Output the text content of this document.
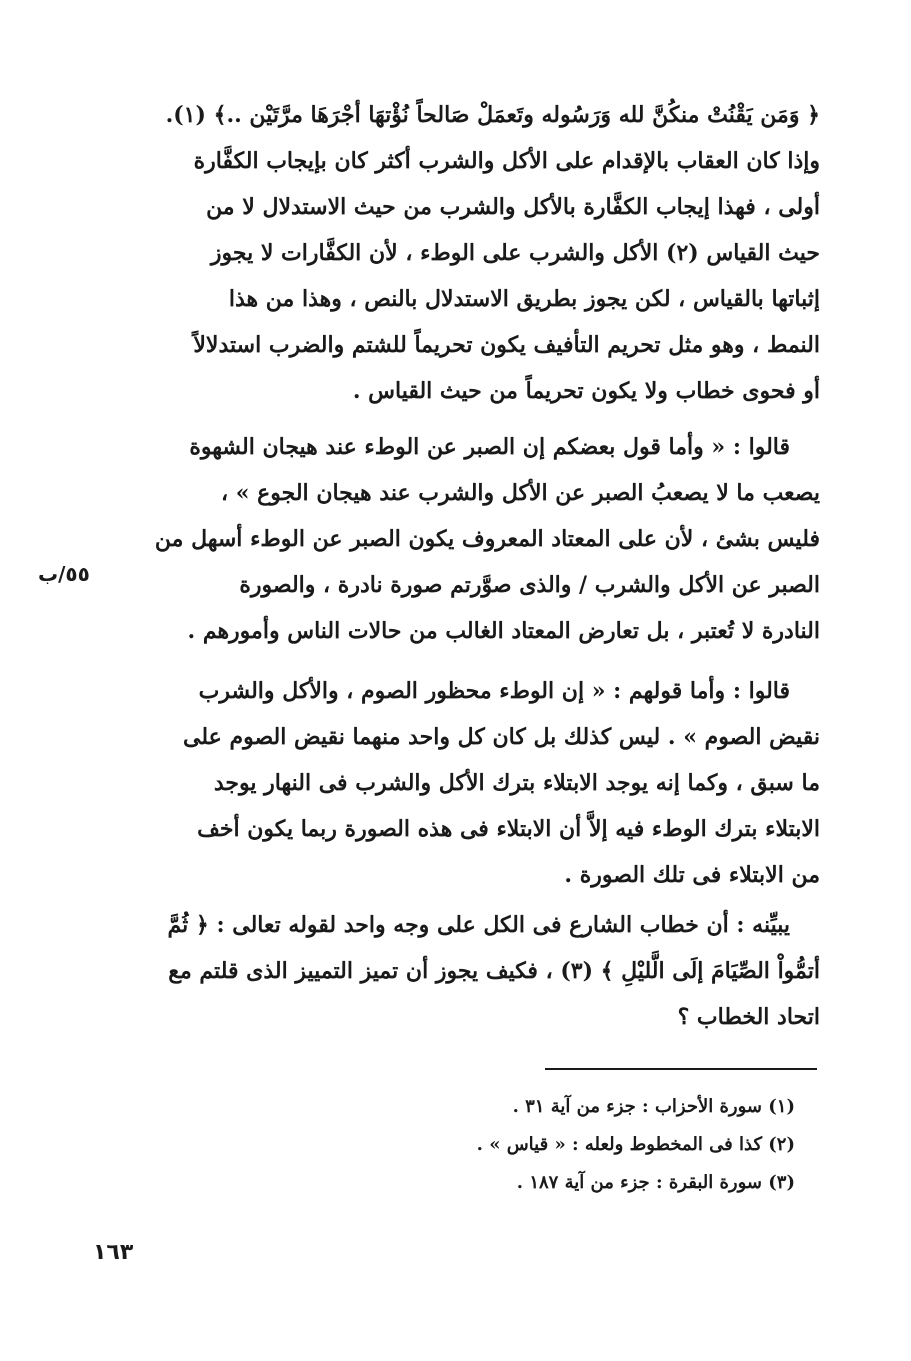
﴿ وَمَن يَقْنُتْ منكُنَّ لله وَرَسُوله وتَعمَلْ صَالحاً نُؤْتهَا أجْرَهَا مرَّتَيْن ..﴾ (١).

وإذا كان العقاب بالإقدام على الأكل والشرب أكثر كان بإيجاب الكفَّارة

أولى ، فهذا إيجاب الكفَّارة بالأكل والشرب من حيث الاستدلال لا من

حيث القياس (٢) الأكل والشرب على الوطء ، لأن الكفَّارات لا يجوز

إثباتها بالقياس ، لكن يجوز بطريق الاستدلال بالنص ، وهذا من هذا

النمط ، وهو مثل تحريم التأفيف يكون تحريماً للشتم والضرب استدلالاً

أو فحوى خطاب ولا يكون تحريماً من حيث القياس .

قالوا : « وأما قول بعضكم إن الصبر عن الوطء عند هيجان الشهوة

يصعب ما لا يصعبُ الصبر عن الأكل والشرب عند هيجان الجوع » ،

فليس بشئ ، لأن على المعتاد المعروف يكون الصبر عن الوطء أسهل من

الصبر عن الأكل والشرب / والذى صوَّرتم صورة نادرة ، والصورة

النادرة لا تُعتبر ، بل تعارض المعتاد الغالب من حالات الناس وأمورهم .

٥٥/ب

قالوا : وأما قولهم : « إن الوطء محظور الصوم ، والأكل والشرب

نقيض الصوم » . ليس كذلك بل كان كل واحد منهما نقيض الصوم على

ما سبق ، وكما إنه يوجد الابتلاء بترك الأكل والشرب فى النهار يوجد

الابتلاء بترك الوطء فيه إلاَّ أن الابتلاء فى هذه الصورة ربما يكون أخف

من الابتلاء فى تلك الصورة .

يبيِّنه : أن خطاب الشارع فى الكل على وجه واحد لقوله تعالى : ﴿ ثُمَّ

أتمُّواْ الصِّيَامَ إلَى الَّليْلِ ﴾ (٣) ، فكيف يجوز أن تميز التمييز الذى قلتم مع

اتحاد الخطاب ؟

(١) سورة الأحزاب : جزء من آية ٣١ .
(٢) كذا فى المخطوط ولعله : « قياس » .
(٣) سورة البقرة : جزء من آية ١٨٧ .
١٦٣
